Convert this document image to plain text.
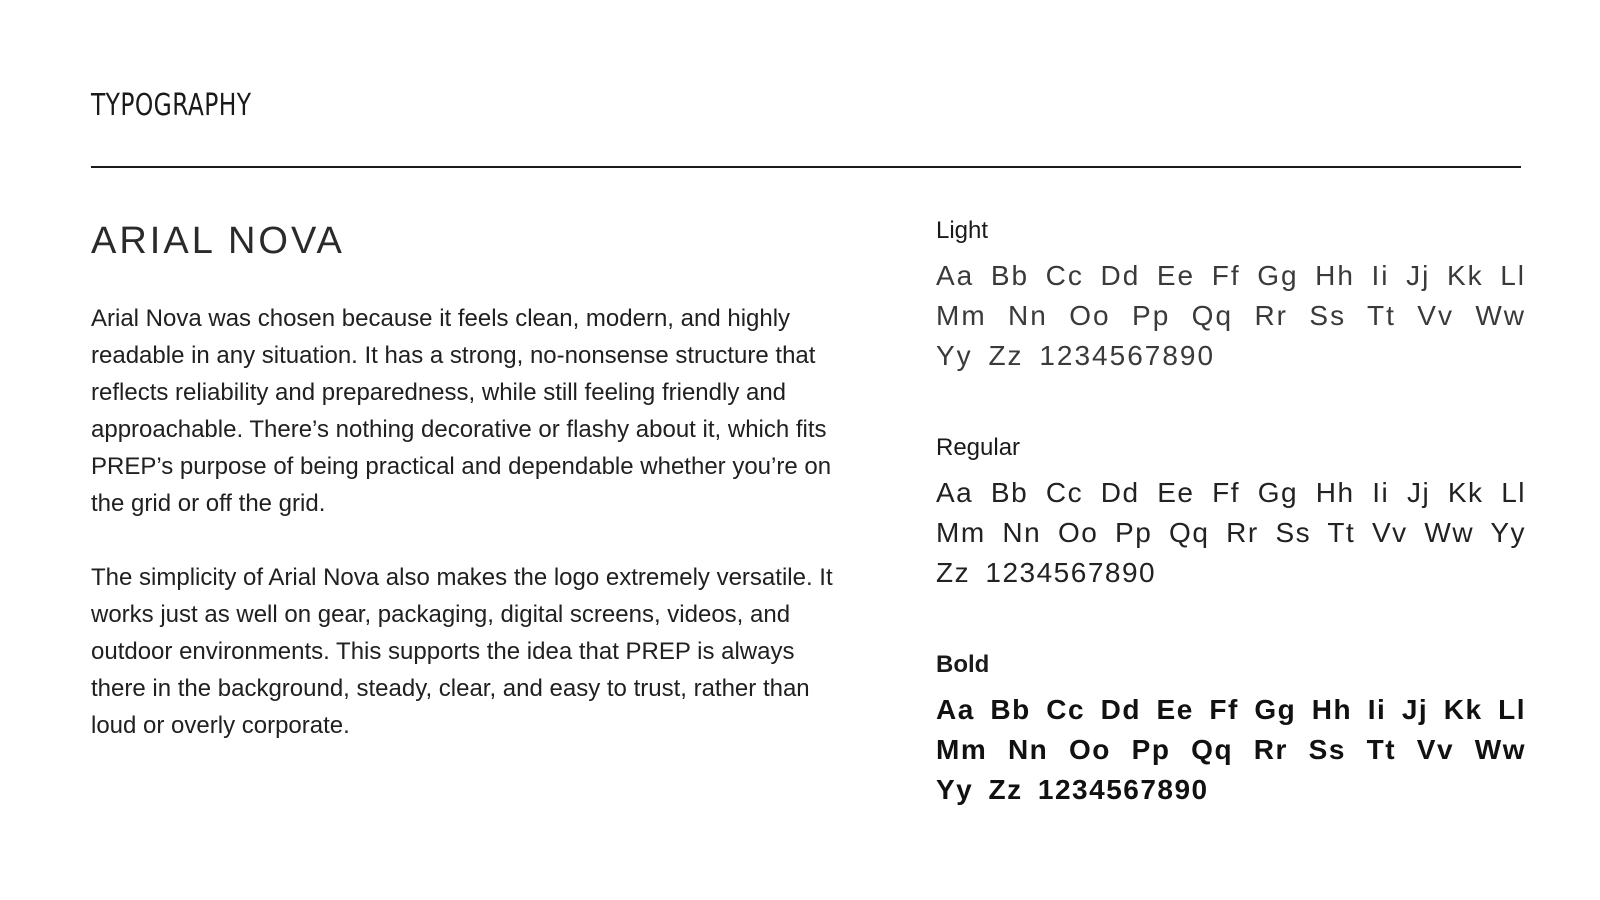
TYPOGRAPHY
ARIAL NOVA

Arial Nova was chosen because it feels clean, modern, and highly readable in any situation. It has a strong, no-nonsense structure that reflects reliability and preparedness, while still feeling friendly and approachable. There’s nothing decorative or flashy about it, which fits PREP’s purpose of being practical and dependable whether you’re on the grid or off the grid.

The simplicity of Arial Nova also makes the logo extremely versatile. It works just as well on gear, packaging, digital screens, videos, and outdoor environments. This supports the idea that PREP is always there in the background, steady, clear, and easy to trust, rather than loud or overly corporate.

Light
Aa Bb Cc Dd Ee Ff Gg Hh Ii Jj Kk Ll Mm Nn Oo Pp Qq Rr Ss Tt Vv Ww Yy Zz 1234567890
Regular
Aa Bb Cc Dd Ee Ff Gg Hh Ii Jj Kk Ll Mm Nn Oo Pp Qq Rr Ss Tt Vv Ww Yy Zz 1234567890
Bold
Aa Bb Cc Dd Ee Ff Gg Hh Ii Jj Kk Ll Mm Nn Oo Pp Qq Rr Ss Tt Vv Ww Yy Zz 1234567890
